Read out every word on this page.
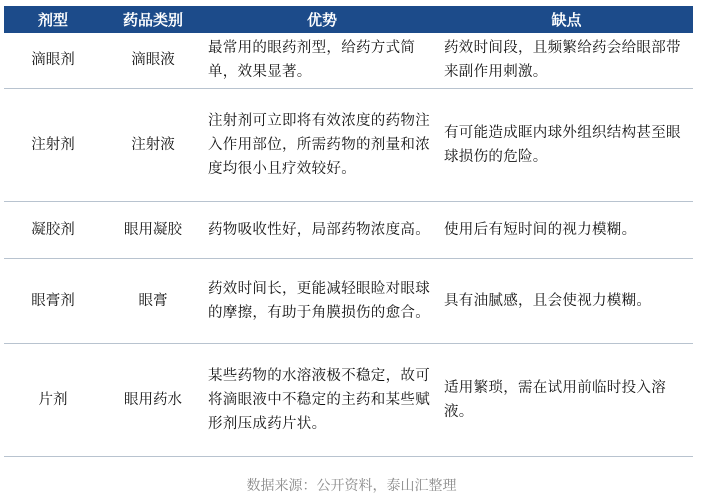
剂型	药品类别	优势	缺点
滴眼剂	滴眼液	最常用的眼药剂型，给药方式简单，效果显著。	药效时间段，且频繁给药会给眼部带来副作用刺激。
注射剂	注射液	注射剂可立即将有效浓度的药物注入作用部位，所需药物的剂量和浓度均很小且疗效较好。	有可能造成眶内球外组织结构甚至眼球损伤的危险。
凝胶剂	眼用凝胶	药物吸收性好，局部药物浓度高。	使用后有短时间的视力模糊。
眼膏剂	眼膏	药效时间长，更能减轻眼睑对眼球的摩擦，有助于角膜损伤的愈合。	具有油腻感，且会使视力模糊。
片剂	眼用药水	某些药物的水溶液极不稳定，故可将滴眼液中不稳定的主药和某些赋形剂压成药片状。	适用繁琐，需在试用前临时投入溶液。
数据来源：公开资料，泰山汇整理
